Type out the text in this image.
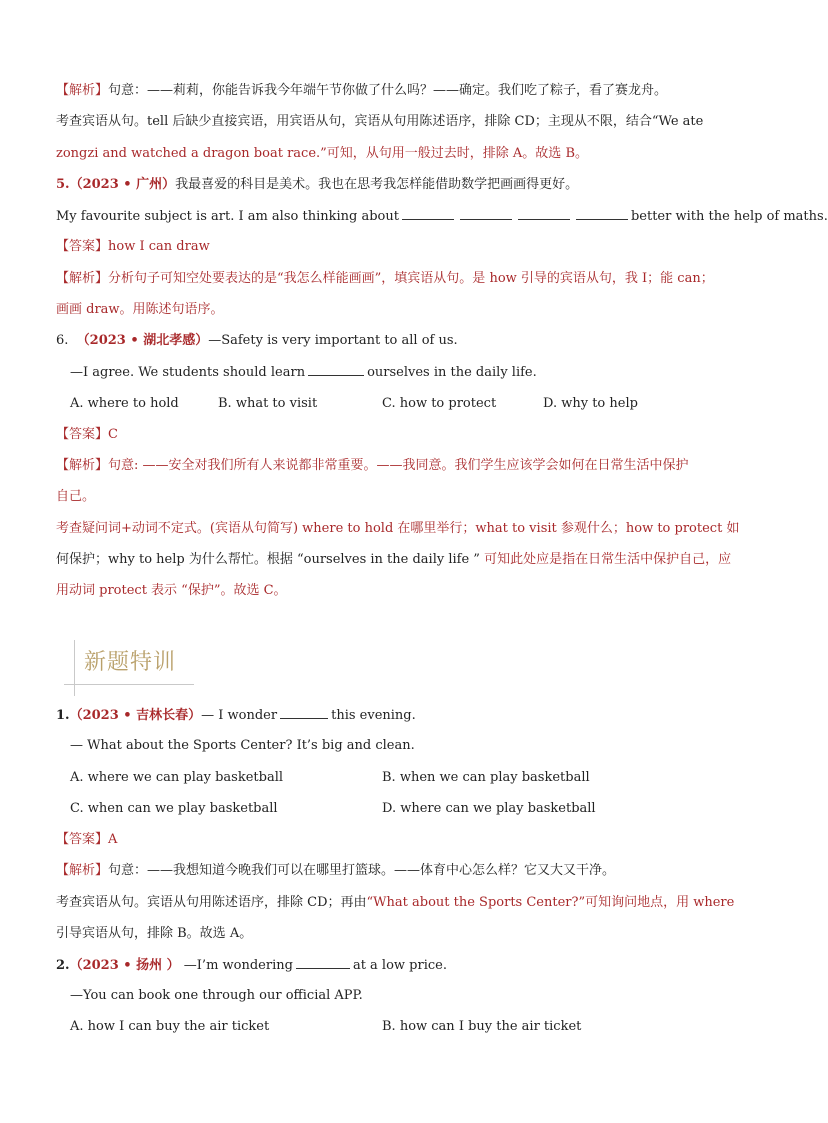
【解析】句意：——莉莉，你能告诉我今年端午节你做了什么吗？——确定。我们吃了粽子，看了赛龙舟。
考查宾语从句。tell 后缺少直接宾语，用宾语从句，宾语从句用陈述语序，排除 CD；主现从不限，结合“We ate
zongzi and watched a dragon boat race.”可知，从句用一般过去时，排除 A。故选 B。
5.（2023 • 广州）我最喜爱的科目是美术。我也在思考我怎样能借助数学把画画得更好。
My favourite subject is art. I am also thinking about	better with the help of maths.
【答案】how I can draw
【解析】分析句子可知空处要表达的是“我怎么样能画画”，填宾语从句。是 how 引导的宾语从句，我 I；能 can；
画画 draw。用陈述句语序。
6. （2023 • 湖北孝感）—Safety is very important to all of us.
—I agree. We students should learn	ourselves in the daily life.
A. where to hold	B. what to visit	C. how to protect	D. why to help
【答案】C
【解析】句意: ——安全对我们所有人来说都非常重要。——我同意。我们学生应该学会如何在日常生活中保护
自己。
考查疑问词+动词不定式。(宾语从句简写) where to hold 在哪里举行；what to visit 参观什么；how to protect 如
何保护；why to help 为什么帮忙。根据 “ourselves in the daily life ” 可知此处应是指在日常生活中保护自己，应
用动词 protect 表示 “保护”。故选 C。
新题特训
1.（2023 • 吉林长春）— I wonder	this evening.
— What about the Sports Center? It’s big and clean.
A. where we can play basketball	B. when we can play basketball
C. when can we play basketball	D. where can we play basketball
【答案】A
【解析】句意：——我想知道今晚我们可以在哪里打篮球。——体育中心怎么样？它又大又干净。
考查宾语从句。宾语从句用陈述语序，排除 CD；再由“What about the Sports Center?”可知询问地点，用 where
引导宾语从句，排除 B。故选 A。
2.（2023 • 扬州 ） —I’m wondering	at a low price.
—You can book one through our official APP.
A. how I can buy the air ticket	B. how can I buy the air ticket
